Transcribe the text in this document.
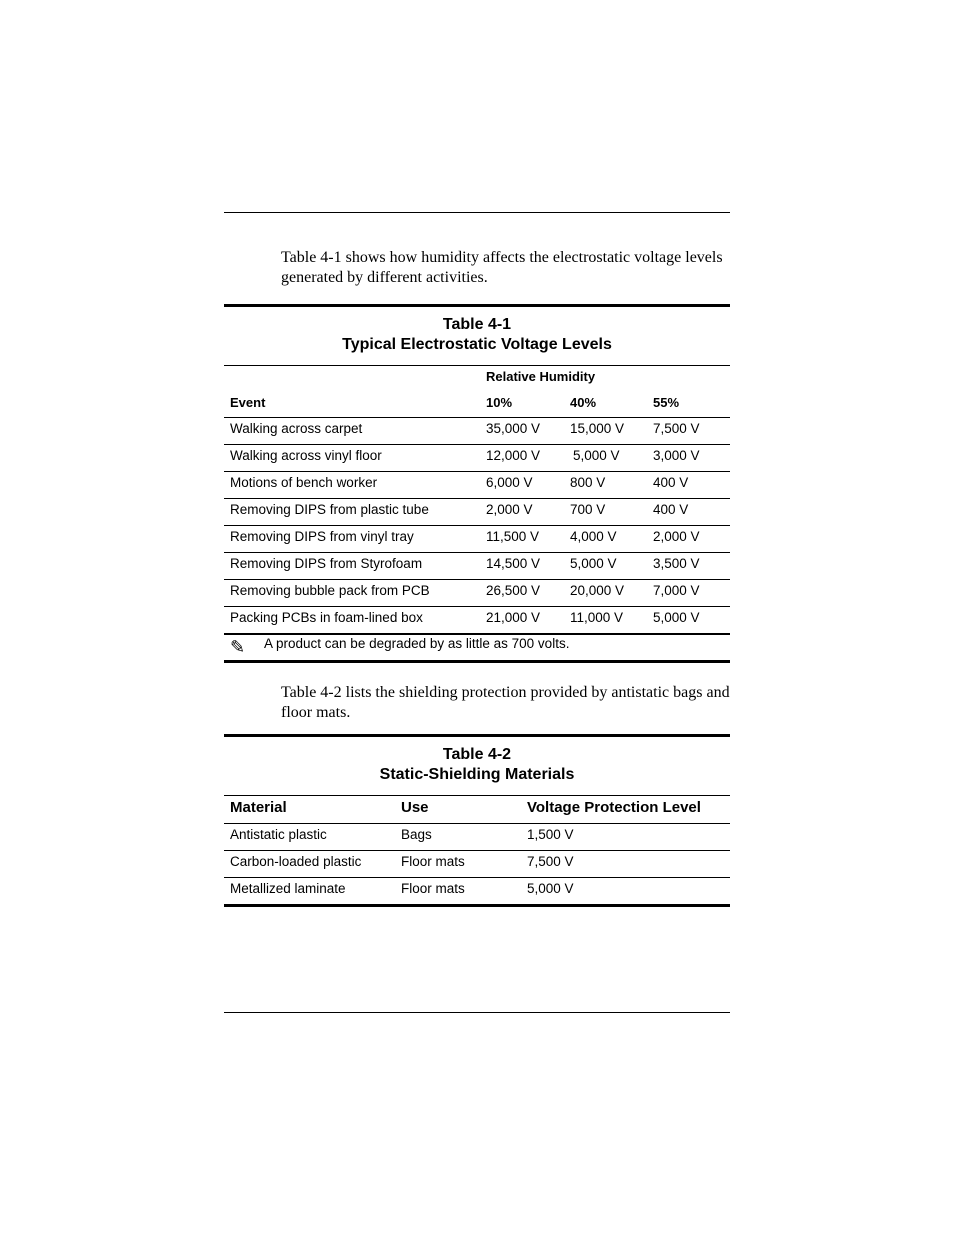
Table 4-1 shows how humidity affects the electrostatic voltage levels generated by different activities.

Table 4-1
Typical Electrostatic Voltage Levels
Relative Humidity
Event	10%	40%	55%
Walking across carpet	35,000 V 15,000 V 7,500 V
Walking across vinyl floor	12,000 V 5,000 V 3,000 V
Motions of bench worker	6,000 V	800 V	400 V
Removing DIPS from plastic tube	2,000 V	700 V	400 V
Removing DIPS from vinyl tray	11,500 V 4,000 V	2,000 V
Removing DIPS from Styrofoam	14,500 V 5,000 V	3,500 V
Removing bubble pack from PCB	26,500 V 20,000 V 7,000 V
Packing PCBs in foam-lined box	21,000 V 11,000 V 5,000 V
✎ A product can be degraded by as little as 700 volts.

Table 4-2 lists the shielding protection provided by antistatic bags and floor mats.

Table 4-2
Static-Shielding Materials
Material	Use	Voltage Protection Level
Antistatic plastic	Bags	1,500 V
Carbon-loaded plastic	Floor mats	7,500 V
Metallized laminate	Floor mats	5,000 V
